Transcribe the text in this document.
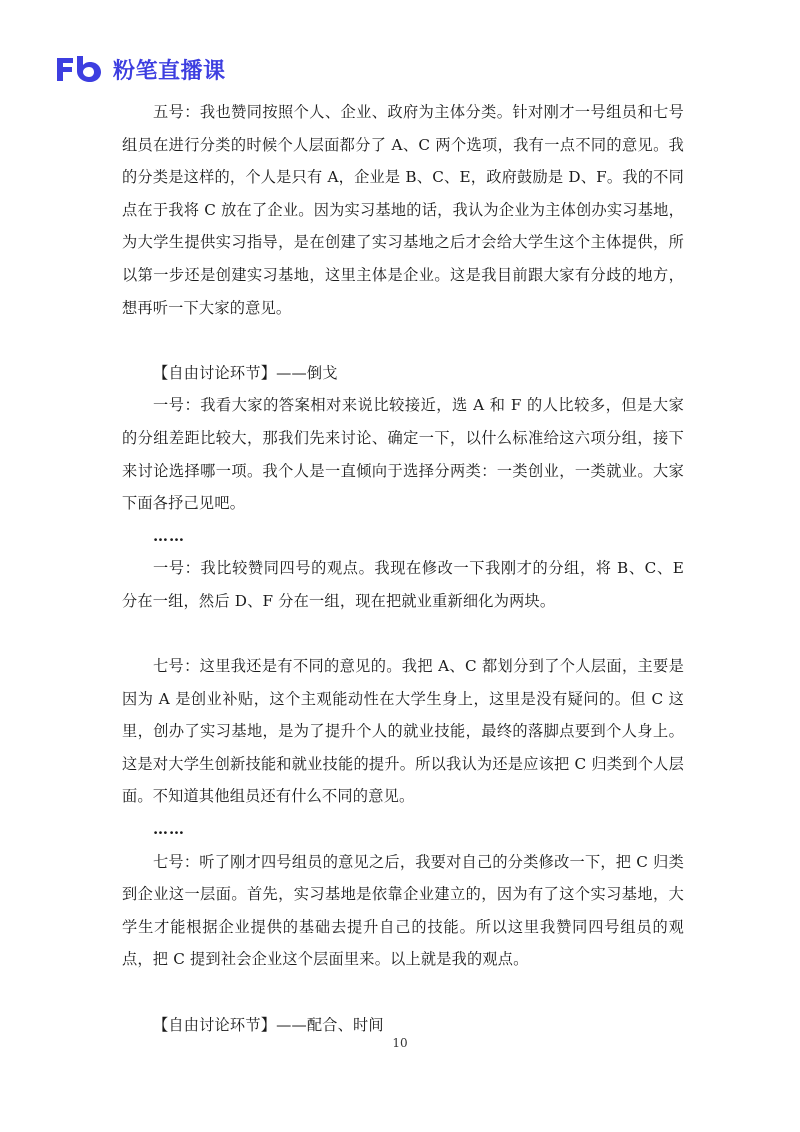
粉笔直播课

五号：我也赞同按照个人、企业、政府为主体分类。针对刚才一号组员和七号组员在进行分类的时候个人层面都分了 A、C 两个选项，我有一点不同的意见。我的分类是这样的，个人是只有 A，企业是 B、C、E，政府鼓励是 D、F。我的不同点在于我将 C 放在了企业。因为实习基地的话，我认为企业为主体创办实习基地，为大学生提供实习指导，是在创建了实习基地之后才会给大学生这个主体提供，所以第一步还是创建实习基地，这里主体是企业。这是我目前跟大家有分歧的地方，想再听一下大家的意见。

【自由讨论环节】——倒戈

一号：我看大家的答案相对来说比较接近，选 A 和 F 的人比较多，但是大家的分组差距比较大，那我们先来讨论、确定一下，以什么标准给这六项分组，接下来讨论选择哪一项。我个人是一直倾向于选择分两类：一类创业，一类就业。大家下面各抒己见吧。

……

一号：我比较赞同四号的观点。我现在修改一下我刚才的分组，将 B、C、E 分在一组，然后 D、F 分在一组，现在把就业重新细化为两块。

七号：这里我还是有不同的意见的。我把 A、C 都划分到了个人层面，主要是因为 A 是创业补贴，这个主观能动性在大学生身上，这里是没有疑问的。但 C 这里，创办了实习基地，是为了提升个人的就业技能，最终的落脚点要到个人身上。这是对大学生创新技能和就业技能的提升。所以我认为还是应该把 C 归类到个人层面。不知道其他组员还有什么不同的意见。

……

七号：听了刚才四号组员的意见之后，我要对自己的分类修改一下，把 C 归类到企业这一层面。首先，实习基地是依靠企业建立的，因为有了这个实习基地，大学生才能根据企业提供的基础去提升自己的技能。所以这里我赞同四号组员的观点，把 C 提到社会企业这个层面里来。以上就是我的观点。

【自由讨论环节】——配合、时间

10
